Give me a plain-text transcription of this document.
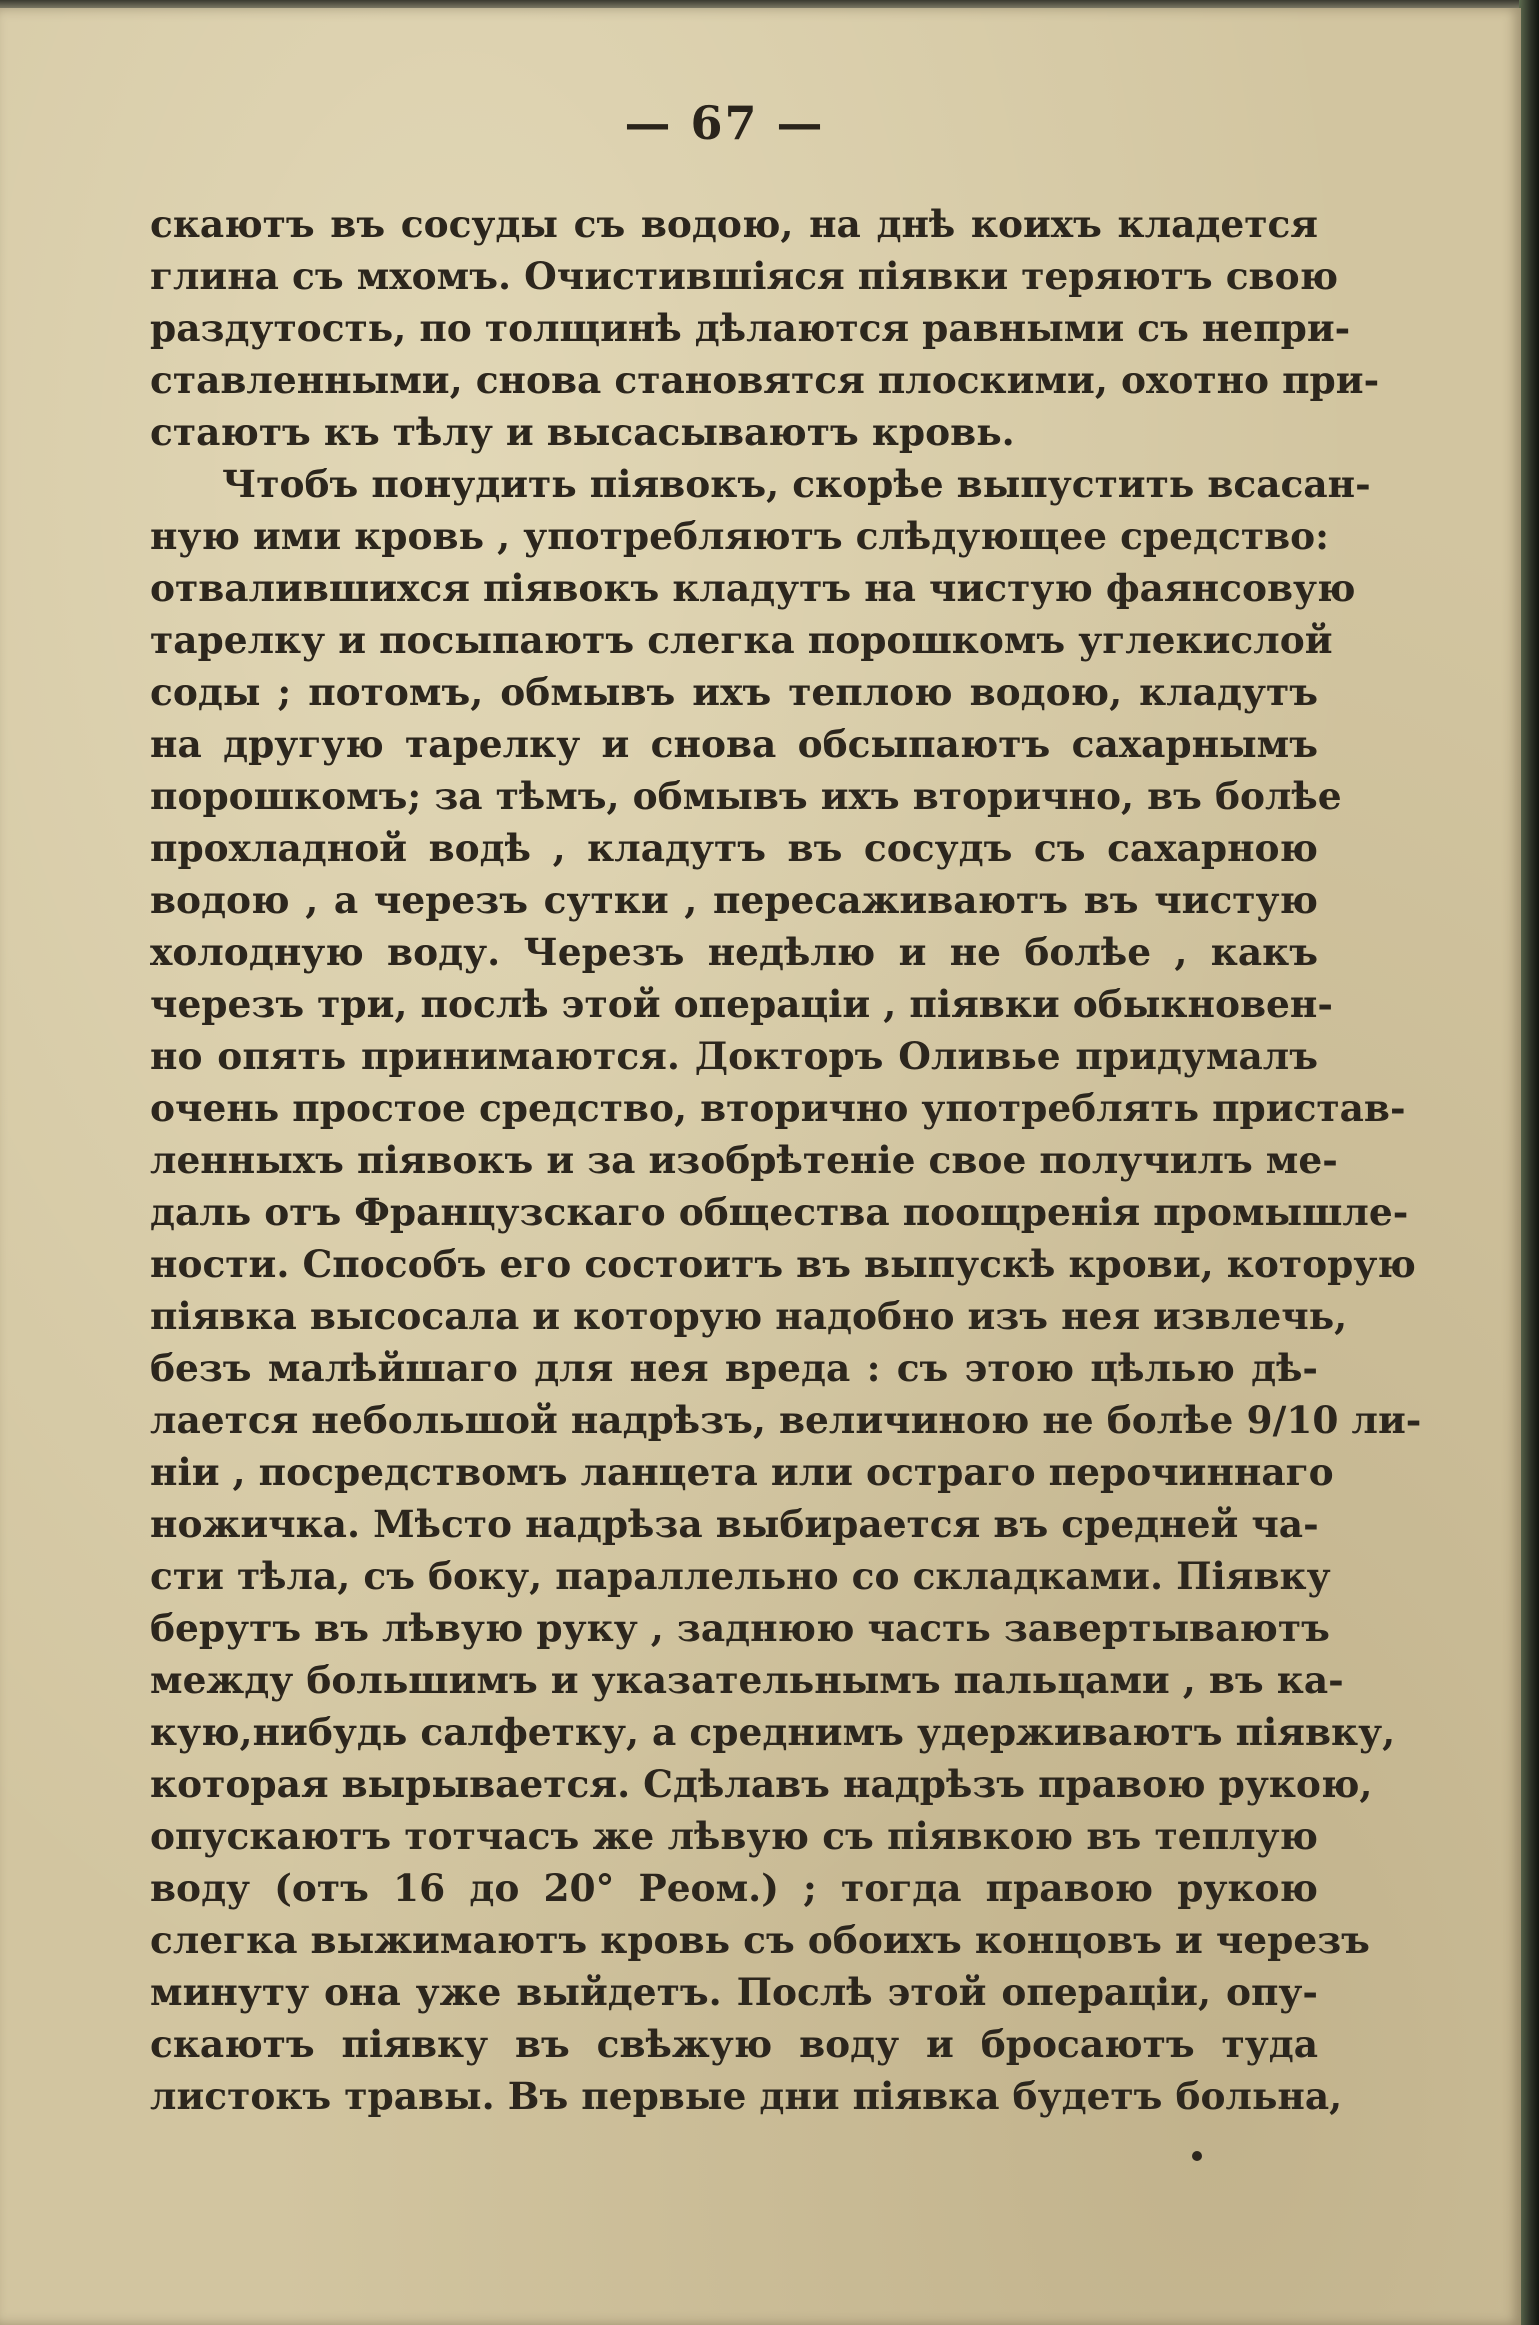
— 67 —
скаютъ въ сосуды съ водою, на днѣ коихъ кладется
глина съ мхомъ. Очистившіяся піявки теряютъ свою
раздутость, по толщинѣ дѣлаются равными съ непри-
ставленными, снова становятся плоскими, охотно при-
стаютъ къ тѣлу и высасываютъ кровь.
Чтобъ понудить піявокъ, скорѣе выпустить всасан-
ную ими кровь , употребляютъ слѣдующее средство:
отвалившихся піявокъ кладутъ на чистую фаянсовую
тарелку и посыпаютъ слегка порошкомъ углекислой
соды ; потомъ, обмывъ ихъ теплою водою, кладутъ
на другую тарелку и снова обсыпаютъ сахарнымъ
порошкомъ; за тѣмъ, обмывъ ихъ вторично, въ болѣе
прохладной водѣ , кладутъ въ сосудъ съ сахарною
водою , а черезъ сутки , пересаживаютъ въ чистую
холодную воду. Черезъ недѣлю и не болѣе , какъ
черезъ три, послѣ этой операціи , піявки обыкновен-
но опять принимаются. Докторъ Оливье придумалъ
очень простое средство, вторично употреблять пристав-
ленныхъ піявокъ и за изобрѣтеніе свое получилъ ме-
даль отъ Французскаго общества поощренія промышле-
ности. Способъ его состоитъ въ выпускѣ крови, которую
піявка высосала и которую надобно изъ нея извлечь,
безъ малѣйшаго для нея вреда : съ этою цѣлью дѣ-
лается небольшой надрѣзъ, величиною не болѣе 9/10 ли-
ніи , посредствомъ ланцета или остраго перочиннаго
ножичка. Мѣсто надрѣза выбирается въ средней ча-
сти тѣла, съ боку, параллельно со складками. Піявку
берутъ въ лѣвую руку , заднюю часть завертываютъ
между большимъ и указательнымъ пальцами , въ ка-
кую,нибудь салфетку, а среднимъ удерживаютъ піявку,
которая вырывается. Сдѣлавъ надрѣзъ правою рукою,
опускаютъ тотчасъ же лѣвую съ піявкою въ теплую
воду (отъ 16 до 20° Реом.) ; тогда правою рукою
слегка выжимаютъ кровь съ обоихъ концовъ и черезъ
минуту она уже выйдетъ. Послѣ этой операціи, опу-
скаютъ піявку въ свѣжую воду и бросаютъ туда
листокъ травы. Въ первые дни піявка будетъ больна,
